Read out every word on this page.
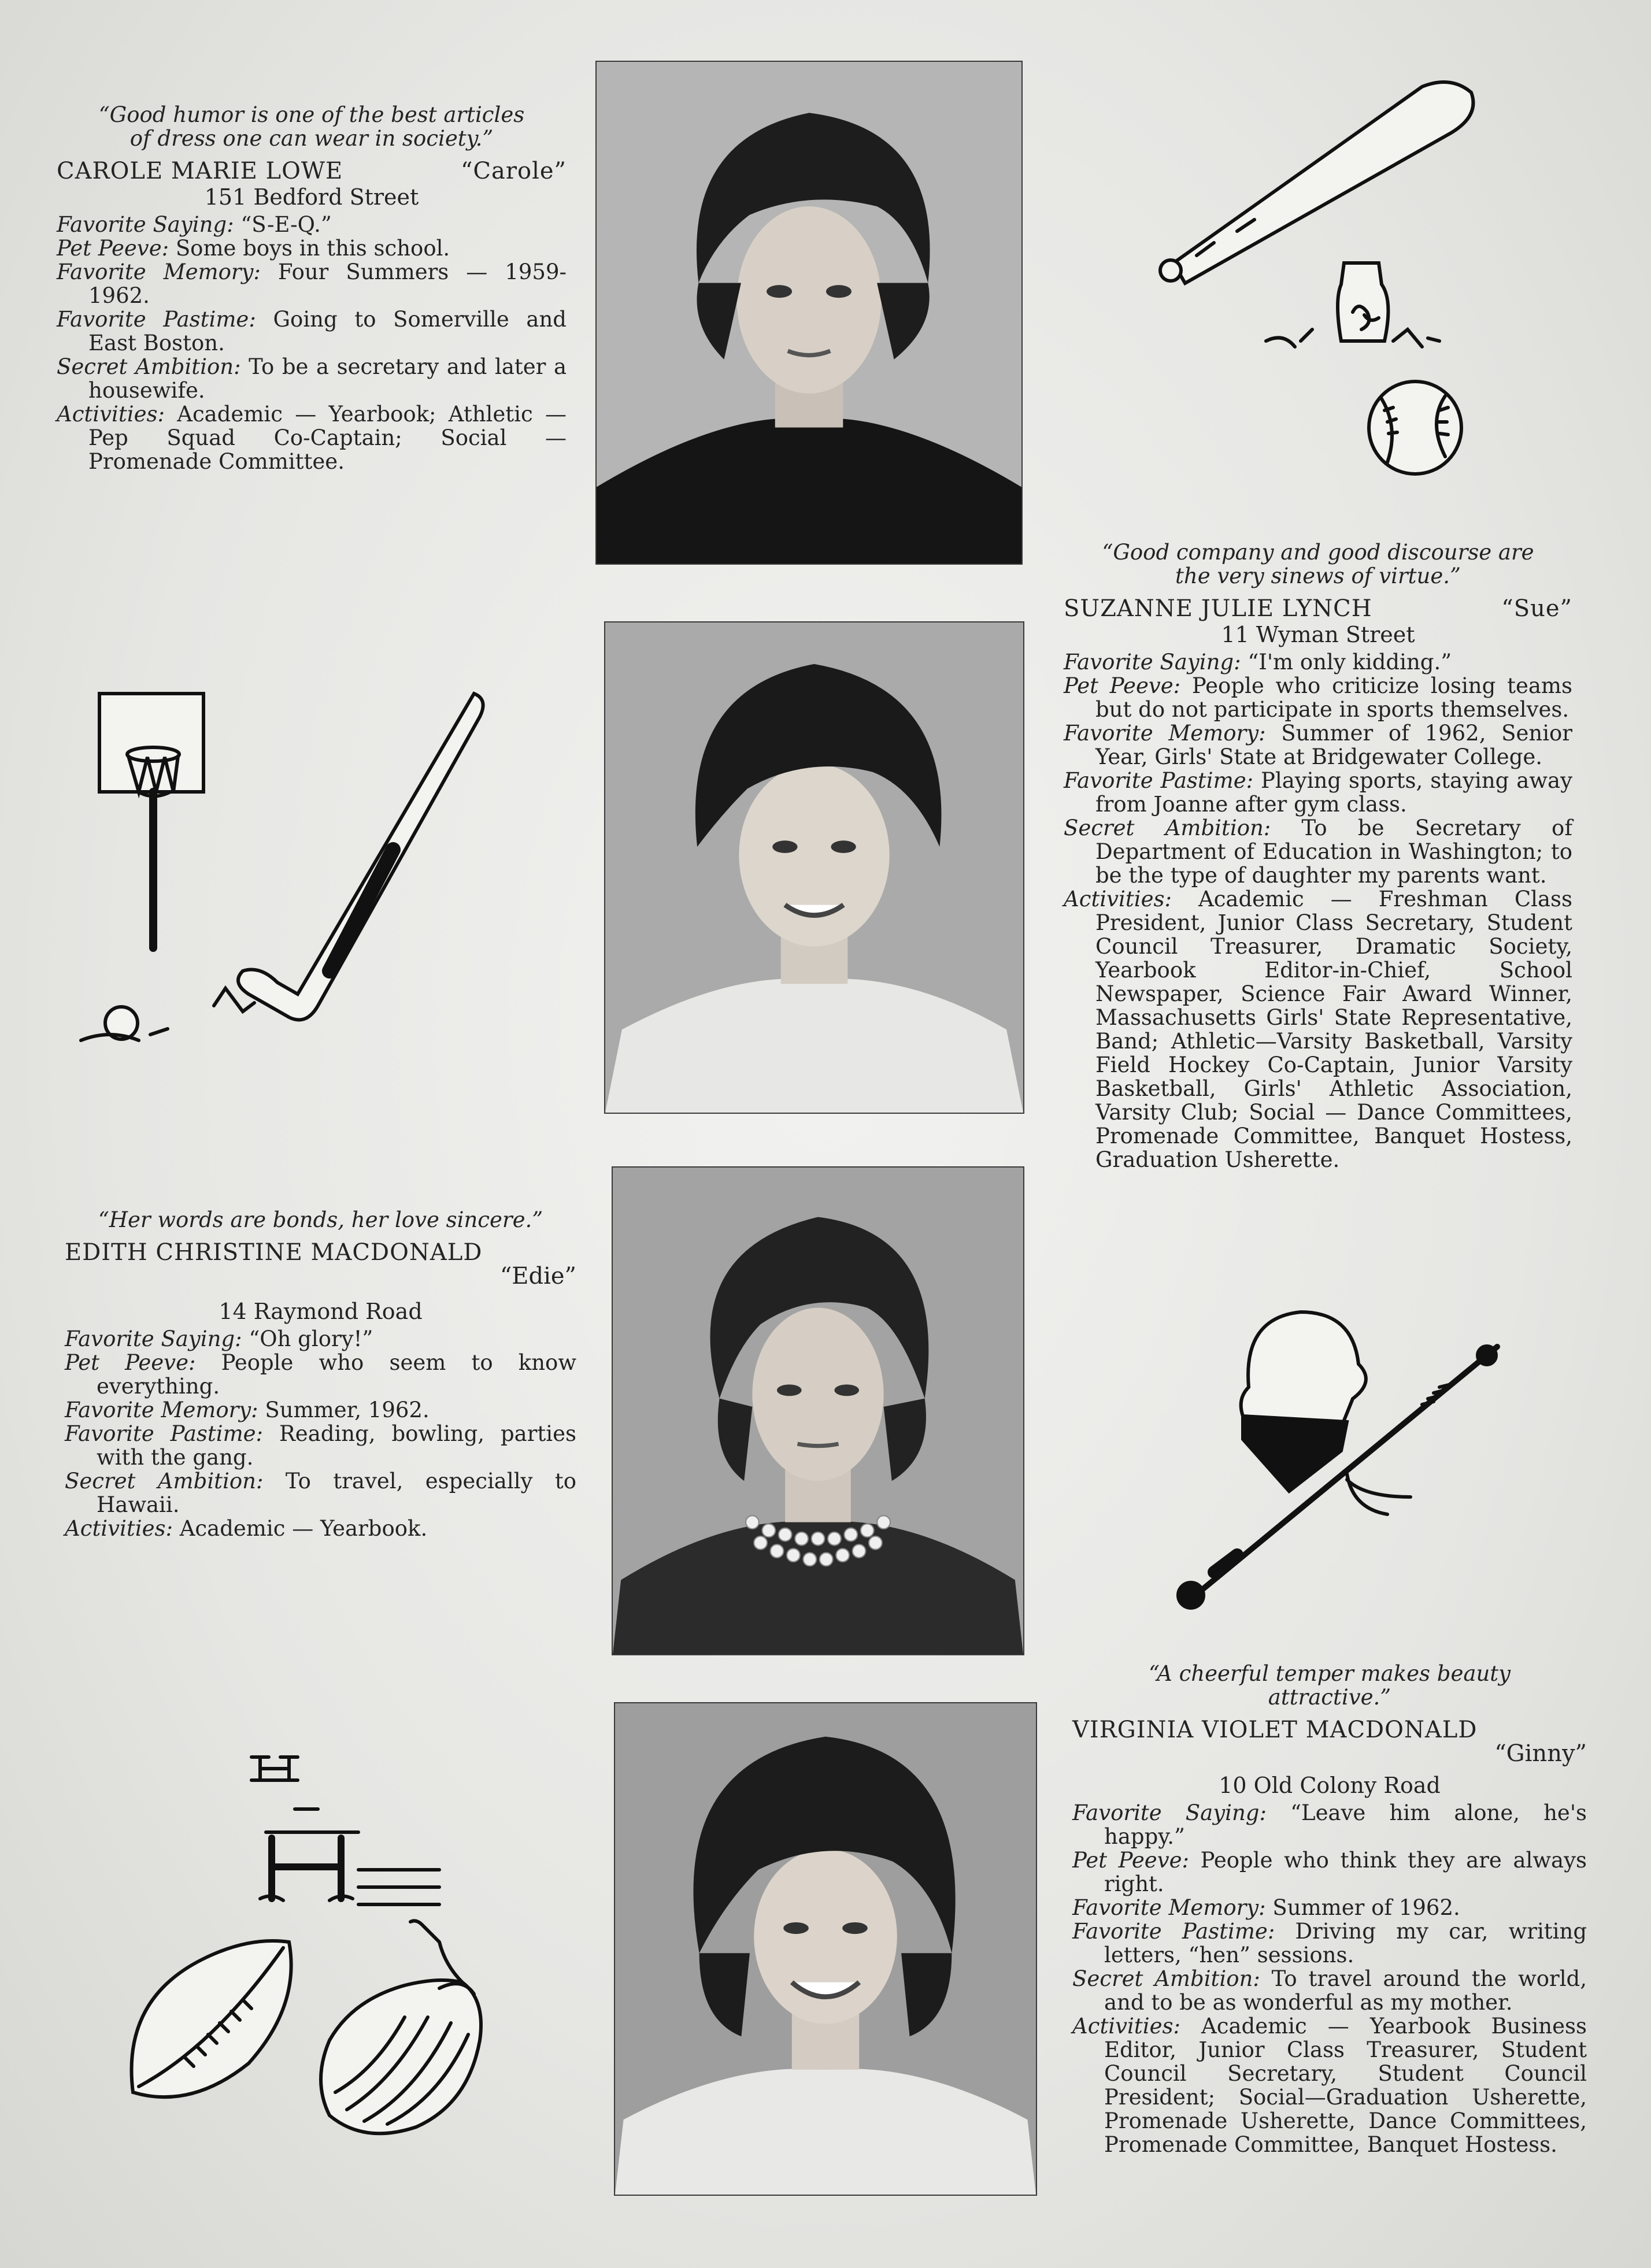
“Good humor is one of the best articles of dress one can wear in society.”

CAROLE MARIE LOWE	“Carole”
151 Bedford Street

Favorite Saying: “S-E-Q.”

Pet Peeve: Some boys in this school.

Favorite Memory: Four Summers — 1959-1962.

Favorite Pastime: Going to Somerville and East Boston.

Secret Ambition: To be a secretary and later a housewife.

Activities: Academic — Yearbook; Athletic — Pep Squad Co-Captain; Social — Promenade Committee.

“Good company and good discourse are the very sinews of virtue.”

SUZANNE JULIE LYNCH	“Sue”
11 Wyman Street

Favorite Saying: “I'm only kidding.”

Pet Peeve: People who criticize losing teams but do not participate in sports themselves.

Favorite Memory: Summer of 1962, Senior Year, Girls' State at Bridgewater College.

Favorite Pastime: Playing sports, staying away from Joanne after gym class.

Secret Ambition: To be Secretary of Department of Education in Washington; to be the type of daughter my parents want.

Activities: Academic — Freshman Class President, Junior Class Secretary, Student Council Treasurer, Dramatic Society, Yearbook Editor-in-Chief, School Newspaper, Science Fair Award Winner, Massachusetts Girls' State Representative, Band; Athletic—Varsity Basketball, Varsity Field Hockey Co-Captain, Junior Varsity Basketball, Girls' Athletic Association, Varsity Club; Social — Dance Committees, Promenade Committee, Banquet Hostess, Graduation Usherette.

“Her words are bonds, her love sincere.”

EDITH CHRISTINE MACDONALD
“Edie”
14 Raymond Road

Favorite Saying: “Oh glory!”

Pet Peeve: People who seem to know everything.

Favorite Memory: Summer, 1962.

Favorite Pastime: Reading, bowling, parties with the gang.

Secret Ambition: To travel, especially to Hawaii.

Activities: Academic — Yearbook.

“A cheerful temper makes beauty attractive.”

VIRGINIA VIOLET MACDONALD
“Ginny”
10 Old Colony Road

Favorite Saying: “Leave him alone, he's happy.”

Pet Peeve: People who think they are always right.

Favorite Memory: Summer of 1962.

Favorite Pastime: Driving my car, writing letters, “hen” sessions.

Secret Ambition: To travel around the world, and to be as wonderful as my mother.

Activities: Academic — Yearbook Business Editor, Junior Class Treasurer, Student Council Secretary, Student Council President; Social—Graduation Usherette, Promenade Usherette, Dance Committees, Promenade Committee, Banquet Hostess.
